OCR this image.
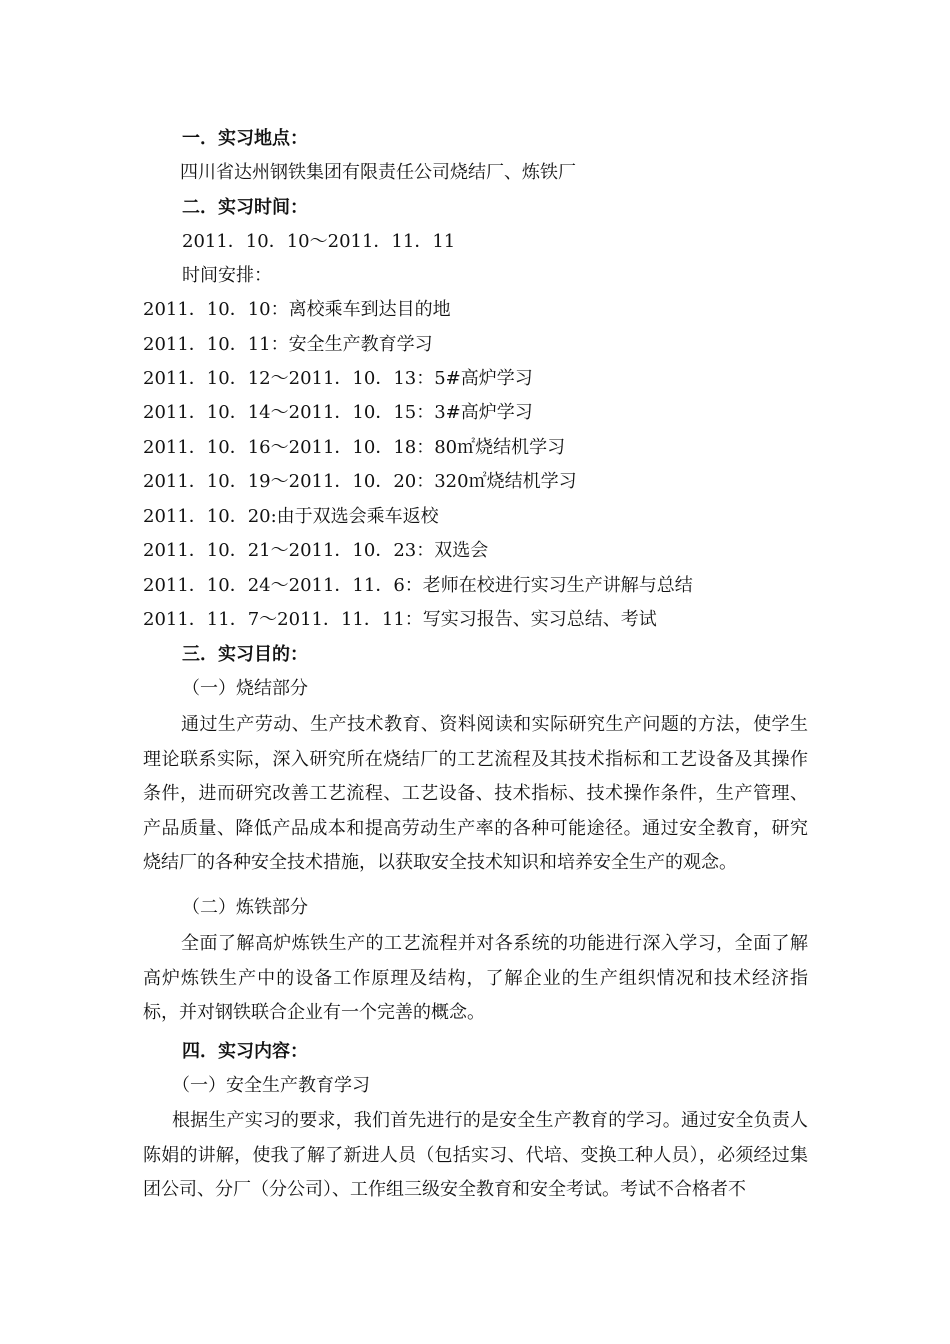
一．实习地点：
四川省达州钢铁集团有限责任公司烧结厂、炼铁厂
二．实习时间：
2011．10．10～2011．11．11
时间安排：
2011．10．10：离校乘车到达目的地
2011．10．11：安全生产教育学习
2011．10．12～2011．10．13：5#高炉学习
2011．10．14～2011．10．15：3#高炉学习
2011．10．16～2011．10．18：80㎡烧结机学习
2011．10．19～2011．10．20：320㎡烧结机学习
2011．10．20:由于双选会乘车返校
2011．10．21～2011．10．23：双选会
2011．10．24～2011．11．6：老师在校进行实习生产讲解与总结
2011．11．7～2011．11．11：写实习报告、实习总结、考试
三．实习目的：
（一）烧结部分

通过生产劳动、生产技术教育、资料阅读和实际研究生产问题的方法，使学生理论联系实际，深入研究所在烧结厂的工艺流程及其技术指标和工艺设备及其操作条件，进而研究改善工艺流程、工艺设备、技术指标、技术操作条件，生产管理、产品质量、降低产品成本和提高劳动生产率的各种可能途径。通过安全教育，研究烧结厂的各种安全技术措施，以获取安全技术知识和培养安全生产的观念。

（二）炼铁部分

全面了解高炉炼铁生产的工艺流程并对各系统的功能进行深入学习，全面了解高炉炼铁生产中的设备工作原理及结构，了解企业的生产组织情况和技术经济指标，并对钢铁联合企业有一个完善的概念。

四．实习内容：
（一）安全生产教育学习

根据生产实习的要求，我们首先进行的是安全生产教育的学习。通过安全负责人陈娟的讲解，使我了解了新进人员（包括实习、代培、变换工种人员），必须经过集团公司、分厂（分公司）、工作组三级安全教育和安全考试。考试不合格者不
